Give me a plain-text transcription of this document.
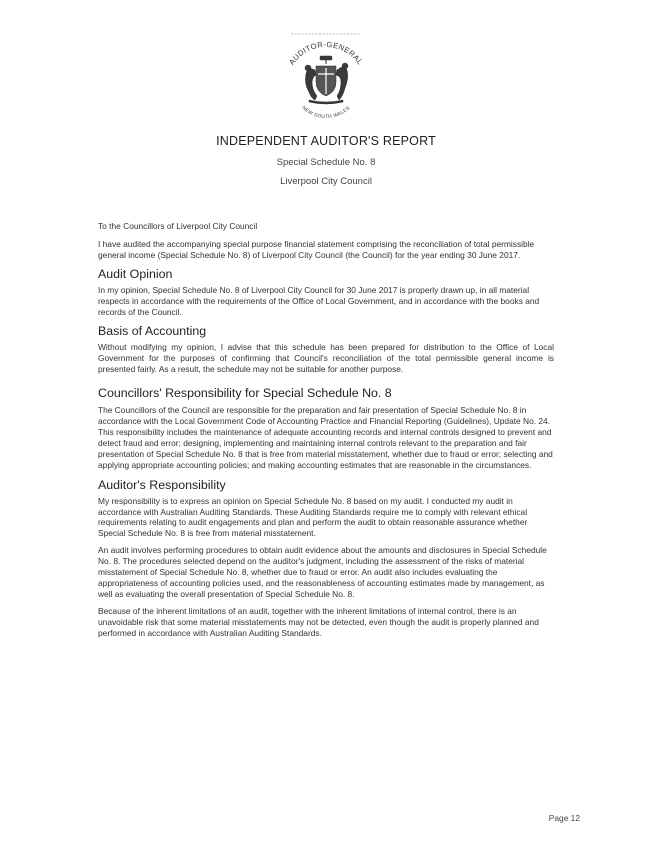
AUDITOR-GENERAL
NEW SOUTH WALES

INDEPENDENT AUDITOR'S REPORT

Special Schedule No. 8

Liverpool City Council

To the Councillors of Liverpool City Council

I have audited the accompanying special purpose financial statement comprising the reconciliation of total permissible general income (Special Schedule No. 8) of Liverpool City Council (the Council) for the year ending 30 June 2017.

Audit Opinion

In my opinion, Special Schedule No. 8 of Liverpool City Council for 30 June 2017 is properly drawn up, in all material respects in accordance with the requirements of the Office of Local Government, and in accordance with the books and records of the Council.

Basis of Accounting

Without modifying my opinion, I advise that this schedule has been prepared for distribution to the Office of Local Government for the purposes of confirming that Council's reconciliation of the total permissible general income is presented fairly. As a result, the schedule may not be suitable for another purpose.

Councillors' Responsibility for Special Schedule No. 8

The Councillors of the Council are responsible for the preparation and fair presentation of Special Schedule No. 8 in accordance with the Local Government Code of Accounting Practice and Financial Reporting (Guidelines), Update No. 24. This responsibility includes the maintenance of adequate accounting records and internal controls designed to prevent and detect fraud and error; designing, implementing and maintaining internal controls relevant to the preparation and fair presentation of Special Schedule No. 8 that is free from material misstatement, whether due to fraud or error; selecting and applying appropriate accounting policies; and making accounting estimates that are reasonable in the circumstances.

Auditor's Responsibility

My responsibility is to express an opinion on Special Schedule No. 8 based on my audit. I conducted my audit in accordance with Australian Auditing Standards. These Auditing Standards require me to comply with relevant ethical requirements relating to audit engagements and plan and perform the audit to obtain reasonable assurance whether Special Schedule No. 8 is free from material misstatement.

An audit involves performing procedures to obtain audit evidence about the amounts and disclosures in Special Schedule No. 8. The procedures selected depend on the auditor's judgment, including the assessment of the risks of material misstatement of Special Schedule No. 8, whether due to fraud or error. An audit also includes evaluating the appropriateness of accounting policies used, and the reasonableness of accounting estimates made by management, as well as evaluating the overall presentation of Special Schedule No. 8.

Because of the inherent limitations of an audit, together with the inherent limitations of internal control, there is an unavoidable risk that some material misstatements may not be detected, even though the audit is properly planned and performed in accordance with Australian Auditing Standards.

Page 12
